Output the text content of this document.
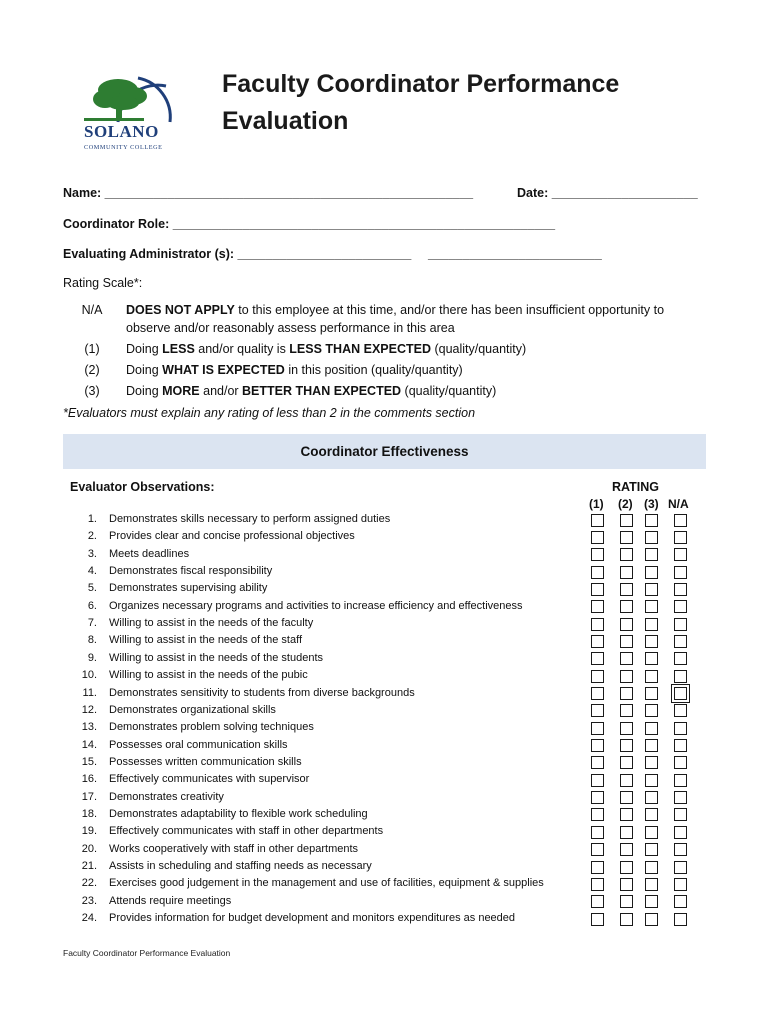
SOLANO
COMMUNITY COLLEGE
Faculty Coordinator Performance
Evaluation
Name: _____________________________________________________	Date: _____________________
Coordinator Role: _______________________________________________________
Evaluating Administrator (s): _________________________ _________________________
Rating Scale*:
N/A	DOES NOT APPLY to this employee at this time, and/or there has been insufficient opportunity to
observe and/or reasonably assess performance in this area
(1)	Doing LESS and/or quality is LESS THAN EXPECTED (quality/quantity)
(2)	Doing WHAT IS EXPECTED in this position (quality/quantity)
(3)	Doing MORE and/or BETTER THAN EXPECTED (quality/quantity)
*Evaluators must explain any rating of less than 2 in the comments section
Coordinator Effectiveness
Evaluator Observations:	RATING
(1) (2) (3) N/A
1. Demonstrates skills necessary to perform assigned duties
2. Provides clear and concise professional objectives
3. Meets deadlines
4. Demonstrates fiscal responsibility
5. Demonstrates supervising ability
6. Organizes necessary programs and activities to increase efficiency and effectiveness
7. Willing to assist in the needs of the faculty
8. Willing to assist in the needs of the staff
9. Willing to assist in the needs of the students
10. Willing to assist in the needs of the pubic
11. Demonstrates sensitivity to students from diverse backgrounds
12. Demonstrates organizational skills
13. Demonstrates problem solving techniques
14. Possesses oral communication skills
15. Possesses written communication skills
16. Effectively communicates with supervisor
17. Demonstrates creativity
18. Demonstrates adaptability to flexible work scheduling
19. Effectively communicates with staff in other departments
20. Works cooperatively with staff in other departments
21. Assists in scheduling and staffing needs as necessary
22. Exercises good judgement in the management and use of facilities, equipment & supplies
23. Attends require meetings
24. Provides information for budget development and monitors expenditures as needed
Faculty Coordinator Performance Evaluation
